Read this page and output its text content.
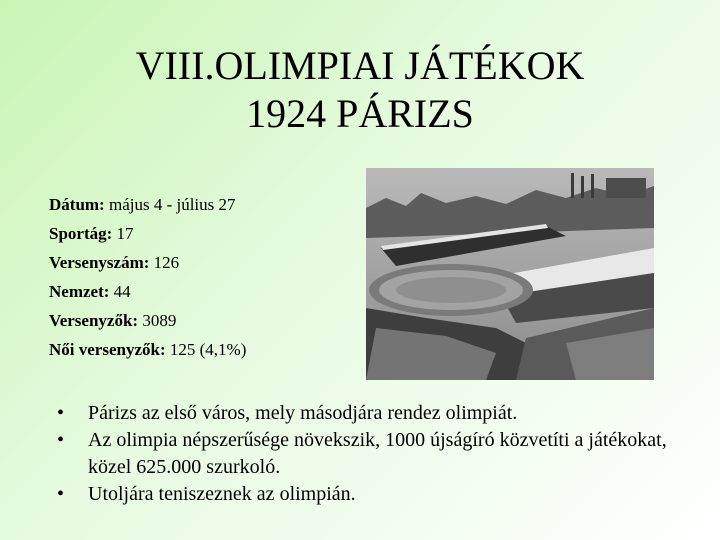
VIII.OLIMPIAI JÁTÉKOK
1924 PÁRIZS
Dátum: május 4 - július 27
Sportág: 17
Versenyszám: 126
Nemzet: 44
Versenyzők: 3089
Női versenyzők: 125 (4,1%)
• Párizs az első város, mely másodjára rendez olimpiát.
• Az olimpia népszerűsége növekszik, 1000 újságíró közvetíti a játékokat, közel 625.000 szurkoló.
• Utoljára teniszeznek az olimpián.
